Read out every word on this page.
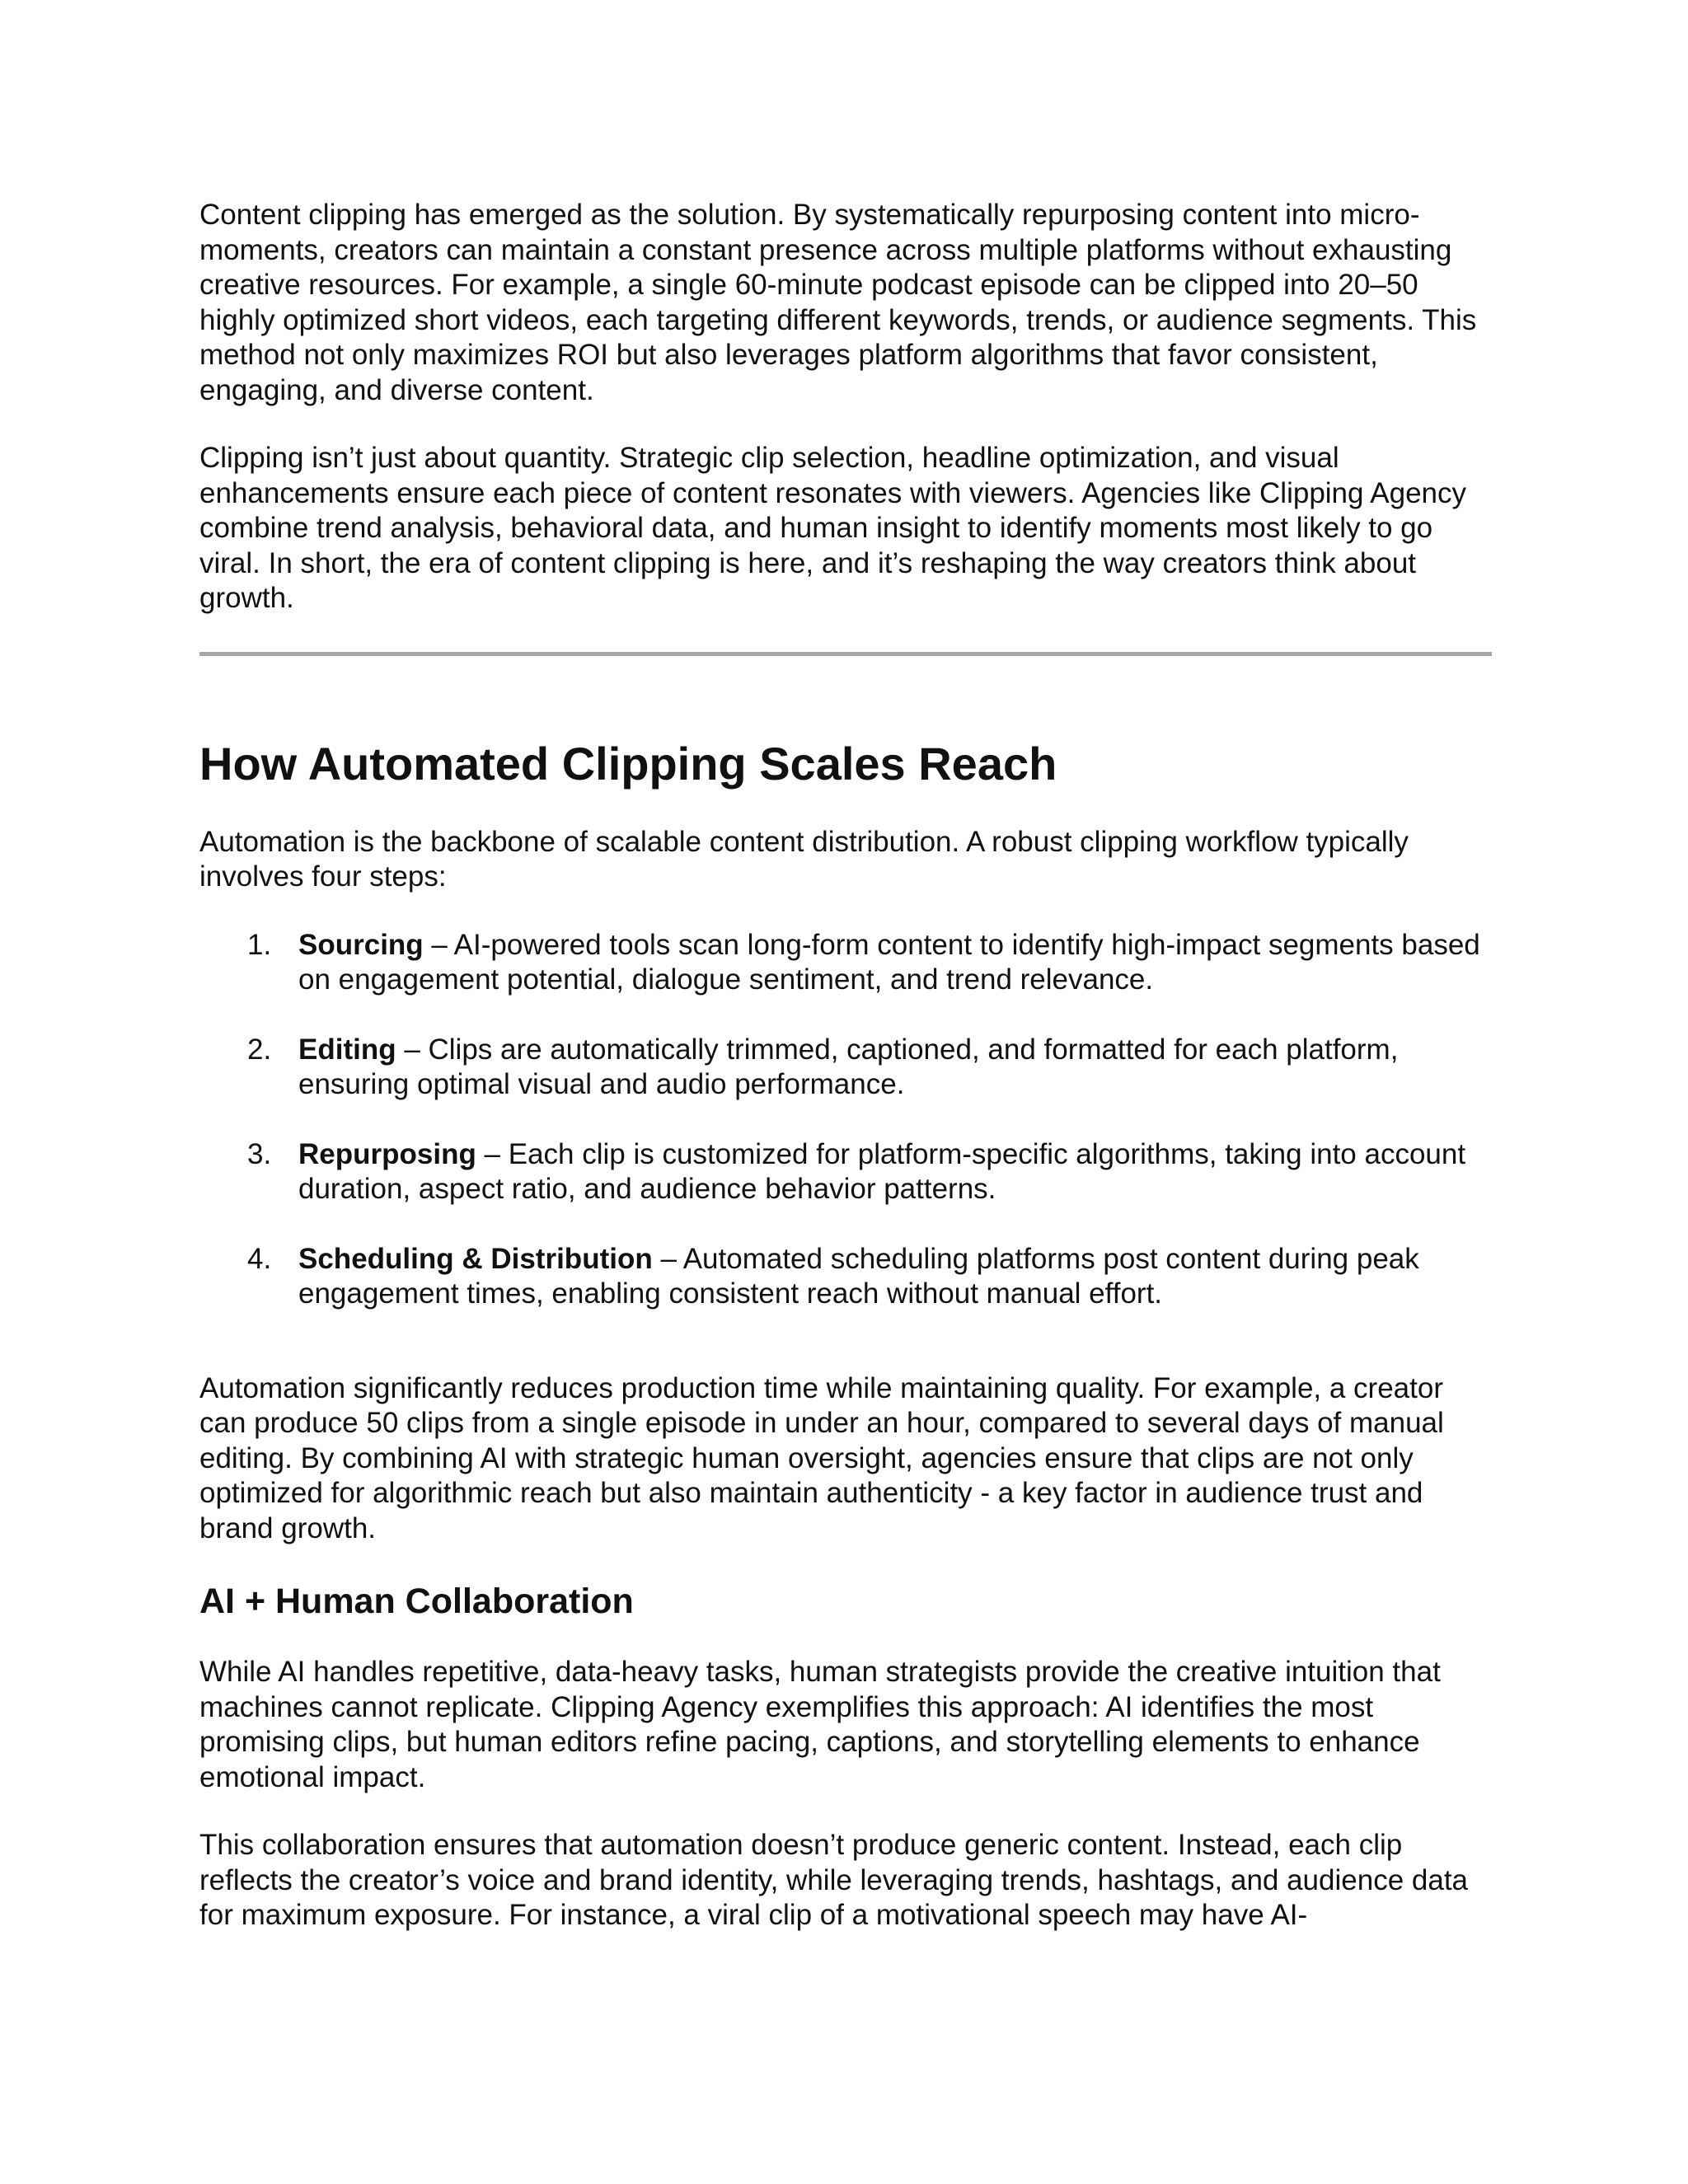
Content clipping has emerged as the solution. By systematically repurposing content into micro-moments, creators can maintain a constant presence across multiple platforms without exhausting creative resources. For example, a single 60-minute podcast episode can be clipped into 20–50 highly optimized short videos, each targeting different keywords, trends, or audience segments. This method not only maximizes ROI but also leverages platform algorithms that favor consistent, engaging, and diverse content.

Clipping isn’t just about quantity. Strategic clip selection, headline optimization, and visual enhancements ensure each piece of content resonates with viewers. Agencies like Clipping Agency combine trend analysis, behavioral data, and human insight to identify moments most likely to go viral. In short, the era of content clipping is here, and it’s reshaping the way creators think about growth.

How Automated Clipping Scales Reach

Automation is the backbone of scalable content distribution. A robust clipping workflow typically involves four steps:

1. Sourcing – AI-powered tools scan long-form content to identify high-impact segments based on engagement potential, dialogue sentiment, and trend relevance.
2. Editing – Clips are automatically trimmed, captioned, and formatted for each platform, ensuring optimal visual and audio performance.
3. Repurposing – Each clip is customized for platform-specific algorithms, taking into account duration, aspect ratio, and audience behavior patterns.
4. Scheduling & Distribution – Automated scheduling platforms post content during peak engagement times, enabling consistent reach without manual effort.

Automation significantly reduces production time while maintaining quality. For example, a creator can produce 50 clips from a single episode in under an hour, compared to several days of manual editing. By combining AI with strategic human oversight, agencies ensure that clips are not only optimized for algorithmic reach but also maintain authenticity - a key factor in audience trust and brand growth.

AI + Human Collaboration

While AI handles repetitive, data-heavy tasks, human strategists provide the creative intuition that machines cannot replicate. Clipping Agency exemplifies this approach: AI identifies the most promising clips, but human editors refine pacing, captions, and storytelling elements to enhance emotional impact.

This collaboration ensures that automation doesn’t produce generic content. Instead, each clip reflects the creator’s voice and brand identity, while leveraging trends, hashtags, and audience data for maximum exposure. For instance, a viral clip of a motivational speech may have AI-
